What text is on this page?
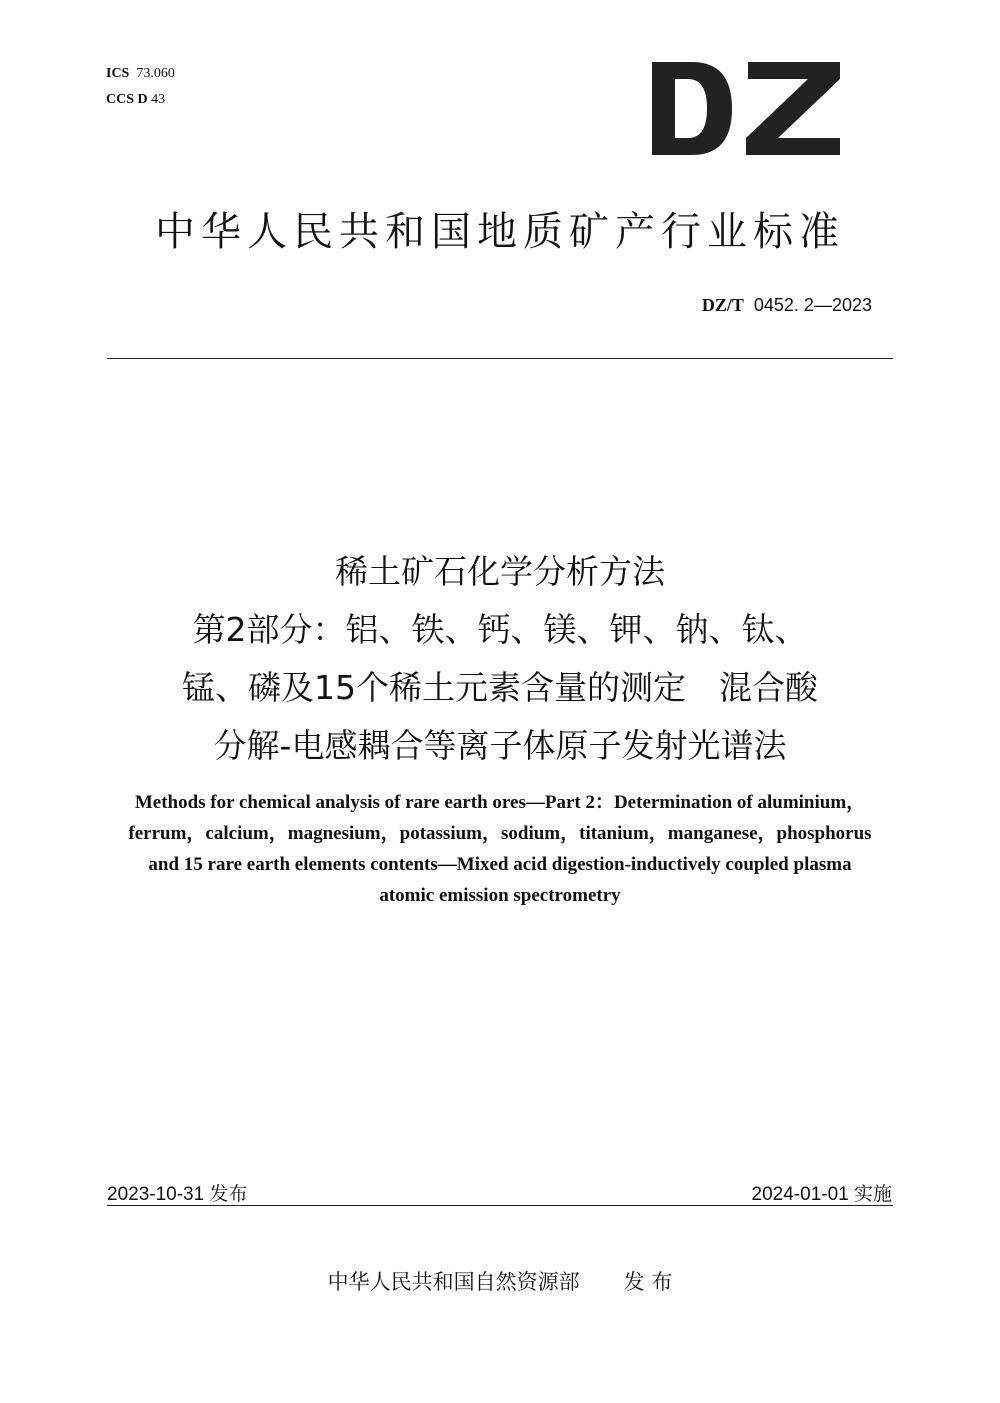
ICS 73.060
CCS D 43
中华人民共和国地质矿产行业标准
DZ/T 0452. 2—2023
稀土矿石化学分析方法
第2部分：铝、铁、钙、镁、钾、钠、钛、
锰、磷及15个稀土元素含量的测定　混合酸
分解-电感耦合等离子体原子发射光谱法
Methods for chemical analysis of rare earth ores—Part 2：Determination of aluminium，
ferrum，calcium，magnesium，potassium，sodium，titanium，manganese，phosphorus
and 15 rare earth elements contents—Mixed acid digestion-inductively coupled plasma
atomic emission spectrometry
2023-10-31 发布	2024-01-01 实施
中华人民共和国自然资源部 发 布
